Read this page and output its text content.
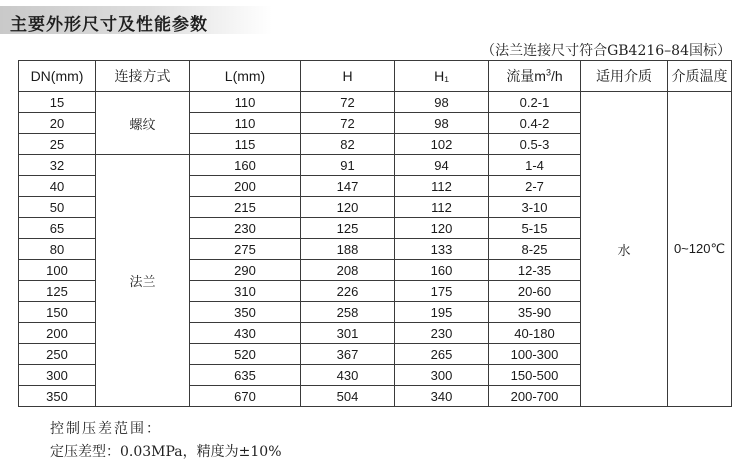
主要外形尺寸及性能参数
（法兰连接尺寸符合GB4216–84国标）
DN(mm)	连接方式	L(mm)	H	H₁	流量$m^3/h$	适用介质	介质温度
15	螺纹	110	72	98	0.2-1	水	0~120℃
20		110	72	98	0.4-2		
25		115	82	102	0.5-3		
32	法兰	160	91	94	1-4		
40		200	147	112	2-7		
50		215	120	112	3-10		
65		230	125	120	5-15		
80		275	188	133	8-25		
100		290	208	160	12-35		
125		310	226	175	20-60		
150		350	258	195	35-90		
200		430	301	230	40-180		
250		520	367	265	100-300		
300		635	430	300	150-500		
350		670	504	340	200-700		
控制压差范围：
定压差型：0.03MPa，精度为±10%
